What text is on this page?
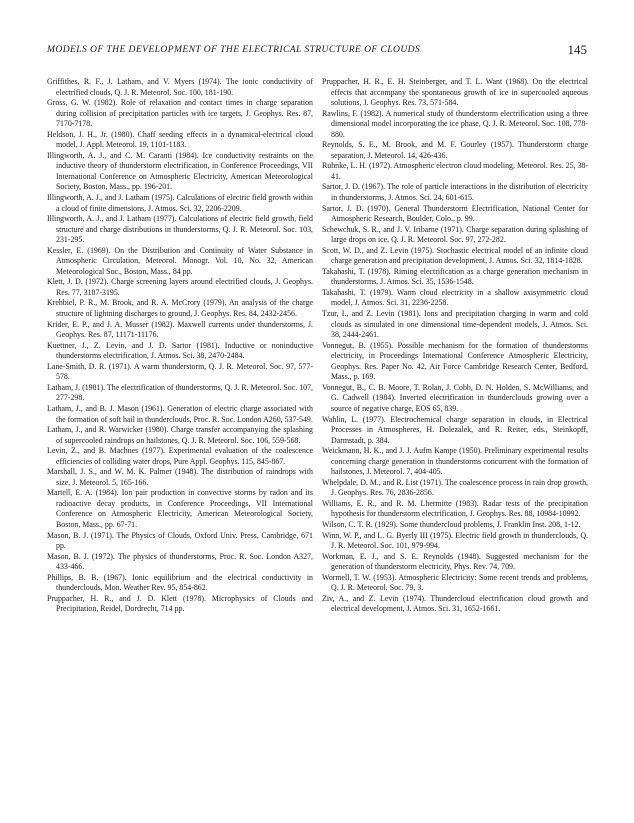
MODELS OF THE DEVELOPMENT OF THE ELECTRICAL STRUCTURE OF CLOUDS	145

Griffithes, R. F., J. Latham, and V. Myers (1974). The ionic conductivity of electrified clouds, Q. J. R. Meteorol. Soc. 100, 181-190.

Gross, G. W. (1982). Role of relaxation and contact times in charge separation during collision of precipitation particles with ice targets, J. Geophys. Res. 87, 7170-7178.

Heldson, J. H., Jr. (1980). Chaff seeding effects in a dynamical-electrical cloud model, J. Appl. Meteorol. 19, 1101-1183.

Illingworth, A. J., and C. M. Caranti (1984). Ice conductivity restraints on the inductive theory of thunderstorm electrification, in Conference Proceedings, VII International Conference on Atmospheric Electricity, American Meteorological Society, Boston, Mass., pp. 196-201.

Illingworth, A. J., and J. Latham (1975). Calculations of electric field growth within a cloud of finite dimensions, J. Atmos. Sci. 32, 2206-2209.

Illingworth, A. J., and J. Latham (1977). Calculations of electric field growth, field structure and charge distributions in thunderstorms, Q. J. R. Meteorol. Soc. 103, 231-295.

Kessler, E. (1969). On the Distribution and Continuity of Water Substance in Atmospheric Circulation, Meteorol. Monogr. Vol. 10, No. 32, American Meteorological Soc., Boston, Mass., 84 pp.

Klett, J. D. (1972). Charge screening layers around electrified clouds, J. Geophys. Res. 77, 3187-3195.

Krehbiel, P. R., M. Brook, and R. A. McCrory (1979). An analysis of the charge structure of lightning discharges to ground, J. Geophys. Res. 84, 2432-2456.

Krider, E. P., and J. A. Musser (1982). Maxwell currents under thunderstorms, J. Geophys. Res. 87, 11171-11176.

Kuettner, J., Z. Levin, and J. D. Sartor (1981). Inductive or noninductive thunderstorms electrification, J. Atmos. Sci. 38, 2470-2484.

Lane-Smith, D. R. (1971). A warm thunderstorm, Q. J. R. Meteorol. Soc. 97, 577-578.

Latham, J. (1981). The electrification of thunderstorms, Q. J. R. Meteorol. Soc. 107, 277-298.

Latham, J., and B. J. Mason (1961). Generation of electric charge associated with the formation of soft hail in thunderclouds, Proc. R. Soc. London A260, 537-549.

Latham, J., and R. Warwicker (1980). Charge transfer accompanying the splashing of supercooled raindrops on hailstones, Q. J. R. Meteorol. Soc. 106, 559-568.

Levin, Z., and B. Machnes (1977). Experimental evaluation of the coalescence efficiencies of colliding water drops, Pure Appl. Geophys. 115, 845-867.

Marshall, J. S., and W. M. K. Palmer (1948). The distribution of raindrops with size, J. Meteorol. 5, 165-166.

Martell, E. A. (1984). Ion pair production in convective storms by radon and its radioactive decay products, in Conference Proceedings, VII International Conference on Atmospheric Electricity, American Meteorological Society, Boston, Mass., pp. 67-71.

Mason, B. J. (1971). The Physics of Clouds, Oxford Univ. Press, Cambridge, 671 pp.

Mason, B. J. (1972). The physics of thunderstorms, Proc. R. Soc. London A327, 433-466.

Phillips, B. B. (1967). Ionic equilibrium and the electrical conductivity in thunderclouds, Mon. Weather Rev. 95, 854-862.

Pruppacher, H. R., and J. D. Klett (1978). Microphysics of Clouds and Precipitation, Reidel, Dordrecht, 714 pp.

Pruppacher, H. R., E. H. Steinberger, and T. L. Want (1968). On the electrical effects that accompany the spontaneous growth of ice in supercooled aqueous solutions, J. Geophys. Res. 73, 571-584.

Rawlins, F. (1982). A numerical study of thunderstorm electrification using a three dimensional model incorporating the ice phase, Q. J. R. Meteorol. Soc. 108, 778-880.

Reynolds, S. E., M. Brook, and M. F. Gourley (1957). Thunderstorm charge separation, J. Meteorol. 14, 426-436.

Ruhnke, L. H. (1972). Atmospheric electron cloud modeling, Meteorol. Res. 25, 38-41.

Sartor, J. D. (1967). The role of particle interactions in the distribution of electricity in thunderstorms, J. Atmos. Sci. 24, 601-615.

Sartor, J. D. (1970). General Thunderstorm Electrification, National Center for Atmospheric Research, Boulder, Colo., p. 99.

Schewchuk, S. R., and J. V. Iribarne (1971). Charge separation during splashing of large drops on ice, Q. J. R. Meteorol. Soc. 97, 272-282.

Scott, W. D., and Z. Levin (1975). Stochastic electrical model of an infinite cloud charge generation and precipitation development, J. Atmos. Sci. 32, 1814-1828.

Takahashi, T. (1978). Riming electrification as a charge generation mechanism in thunderstorms, J. Atmos. Sci. 35, 1536-1548.

Takahashi, T. (1979). Warm cloud electricity in a shallow axisymmetric cloud model, J. Atmos. Sci. 31, 2236-2258.

Tzur, I., and Z. Levin (1981). Ions and precipitation charging in warm and cold clouds as simulated in one dimensional time-dependent models, J. Atmos. Sci. 38, 2444-2461.

Vonnegut, B. (1955). Possible mechanism for the formation of thunderstorms electricity, in Proceedings International Conference Atmospheric Electricity, Geophys. Res. Paper No. 42, Air Force Cambridge Research Center, Bedford, Mass., p. 169.

Vonnegut, B., C. B. Moore, T. Rolan, J. Cobb, D. N. Holden, S. McWilliams, and G. Cadwell (1984). Inverted electrification in thunderclouds growing over a source of negative charge, EOS 65, 839.

Wahlin, L. (1977). Electrochemical charge separation in clouds, in Electrical Processes in Atmospheres, H. Dolezalek, and R. Reiter, eds., Steinkopff, Darmstadt, p. 384.

Weickmann, H. K., and J. J. Aufm Kampe (1950). Preliminary experimental results concerning charge generation in thunderstorms concurrent with the formation of hailstones, J. Meteorol. 7, 404-405.

Whelpdale, D. M., and R. List (1971). The coalescence process in rain drop growth, J. Geophys. Res. 76, 2836-2856.

Williams, E. R., and R. M. Lhermitte (1983). Radar tests of the precipitation hypothesis for thunderstorm electrification, J. Geophys. Res. 88, 10984-10992.

Wilson, C. T. R. (1929). Some thundercloud problems, J. Franklin Inst. 208, 1-12.

Winn, W. P., and L. G. Byerly III (1975). Electric field growth in thunderclouds, Q. J. R. Meteorol. Soc. 101, 979-994.

Workman, E. J., and S. E. Reynolds (1948). Suggested mechanism for the generation of thunderstorm electricity, Phys. Rev. 74, 709.

Wormell, T. W. (1953). Atmospheric Electricity: Some recent trends and problems, Q. J. R. Meteorol. Soc. 79, 3.

Ziv, A., and Z. Levin (1974). Thundercloud electrification cloud growth and electrical development, J. Atmos. Sci. 31, 1652-1661.
